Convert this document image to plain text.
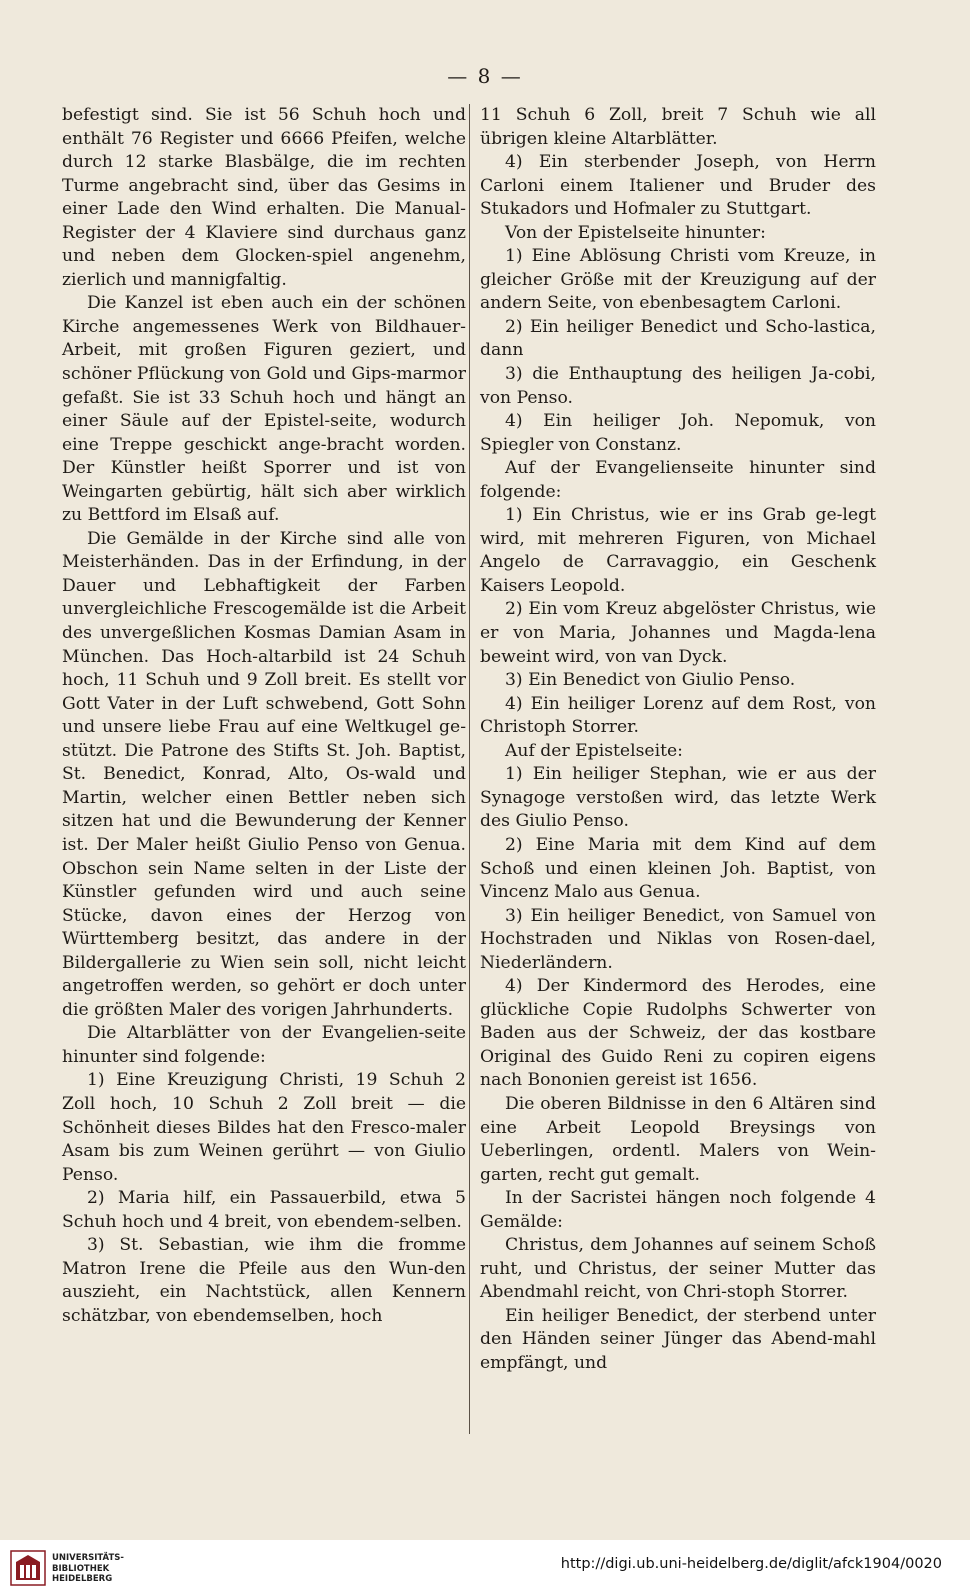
— 8 —

befestigt sind. Sie ist 56 Schuh hoch und enthält 76 Register und 6666 Pfeifen, welche durch 12 starke Blasbälge, die im rechten Turme angebracht sind, über das Gesims in einer Lade den Wind erhalten. Die Manual-Register der 4 Klaviere sind durchaus ganz und neben dem Glocken-spiel angenehm, zierlich und mannigfaltig.

Die Kanzel ist eben auch ein der schönen Kirche angemessenes Werk von Bildhauer-Arbeit, mit großen Figuren geziert, und schöner Pflückung von Gold und Gips-marmor gefaßt. Sie ist 33 Schuh hoch und hängt an einer Säule auf der Epistel-seite, wodurch eine Treppe geschickt ange-bracht worden. Der Künstler heißt Sporrer und ist von Weingarten gebürtig, hält sich aber wirklich zu Bettford im Elsaß auf.

Die Gemälde in der Kirche sind alle von Meisterhänden. Das in der Erfindung, in der Dauer und Lebhaftigkeit der Farben unvergleichliche Frescogemälde ist die Arbeit des unvergeßlichen Kosmas Damian Asam in München. Das Hoch-altarbild ist 24 Schuh hoch, 11 Schuh und 9 Zoll breit. Es stellt vor Gott Vater in der Luft schwebend, Gott Sohn und unsere liebe Frau auf eine Weltkugel ge-stützt. Die Patrone des Stifts St. Joh. Baptist, St. Benedict, Konrad, Alto, Os-wald und Martin, welcher einen Bettler neben sich sitzen hat und die Bewunderung der Kenner ist. Der Maler heißt Giulio Penso von Genua. Obschon sein Name selten in der Liste der Künstler gefunden wird und auch seine Stücke, davon eines der Herzog von Württemberg besitzt, das andere in der Bildergallerie zu Wien sein soll, nicht leicht angetroffen werden, so gehört er doch unter die größten Maler des vorigen Jahrhunderts.

Die Altarblätter von der Evangelien-seite hinunter sind folgende:

1) Eine Kreuzigung Christi, 19 Schuh 2 Zoll hoch, 10 Schuh 2 Zoll breit — die Schönheit dieses Bildes hat den Fresco-maler Asam bis zum Weinen gerührt — von Giulio Penso.

2) Maria hilf, ein Passauerbild, etwa 5 Schuh hoch und 4 breit, von ebendem-selben.

3) St. Sebastian, wie ihm die fromme Matron Irene die Pfeile aus den Wun-den auszieht, ein Nachtstück, allen Kennern schätzbar, von ebendemselben, hoch

11 Schuh 6 Zoll, breit 7 Schuh wie all übrigen kleine Altarblätter.

4) Ein sterbender Joseph, von Herrn Carloni einem Italiener und Bruder des Stukadors und Hofmaler zu Stuttgart.

Von der Epistelseite hinunter:

1) Eine Ablösung Christi vom Kreuze, in gleicher Größe mit der Kreuzigung auf der andern Seite, von ebenbesagtem Carloni.

2) Ein heiliger Benedict und Scho-lastica, dann

3) die Enthauptung des heiligen Ja-cobi, von Penso.

4) Ein heiliger Joh. Nepomuk, von Spiegler von Constanz.

Auf der Evangelienseite hinunter sind folgende:

1) Ein Christus, wie er ins Grab ge-legt wird, mit mehreren Figuren, von Michael Angelo de Carravaggio, ein Geschenk Kaisers Leopold.

2) Ein vom Kreuz abgelöster Christus, wie er von Maria, Johannes und Magda-lena beweint wird, von van Dyck.

3) Ein Benedict von Giulio Penso.

4) Ein heiliger Lorenz auf dem Rost, von Christoph Storrer.

Auf der Epistelseite:

1) Ein heiliger Stephan, wie er aus der Synagoge verstoßen wird, das letzte Werk des Giulio Penso.

2) Eine Maria mit dem Kind auf dem Schoß und einen kleinen Joh. Baptist, von Vincenz Malo aus Genua.

3) Ein heiliger Benedict, von Samuel von Hochstraden und Niklas von Rosen-dael, Niederländern.

4) Der Kindermord des Herodes, eine glückliche Copie Rudolphs Schwerter von Baden aus der Schweiz, der das kostbare Original des Guido Reni zu copiren eigens nach Bononien gereist ist 1656.

Die oberen Bildnisse in den 6 Altären sind eine Arbeit Leopold Breysings von Ueberlingen, ordentl. Malers von Wein-garten, recht gut gemalt.

In der Sacristei hängen noch folgende 4 Gemälde:

Christus, dem Johannes auf seinem Schoß ruht, und Christus, der seiner Mutter das Abendmahl reicht, von Chri-stoph Storrer.

Ein heiliger Benedict, der sterbend unter den Händen seiner Jünger das Abend-mahl empfängt, und

UNIVERSITÄTS-
BIBLIOTHEK
HEIDELBERG
http://digi.ub.uni-heidelberg.de/diglit/afck1904/0020
